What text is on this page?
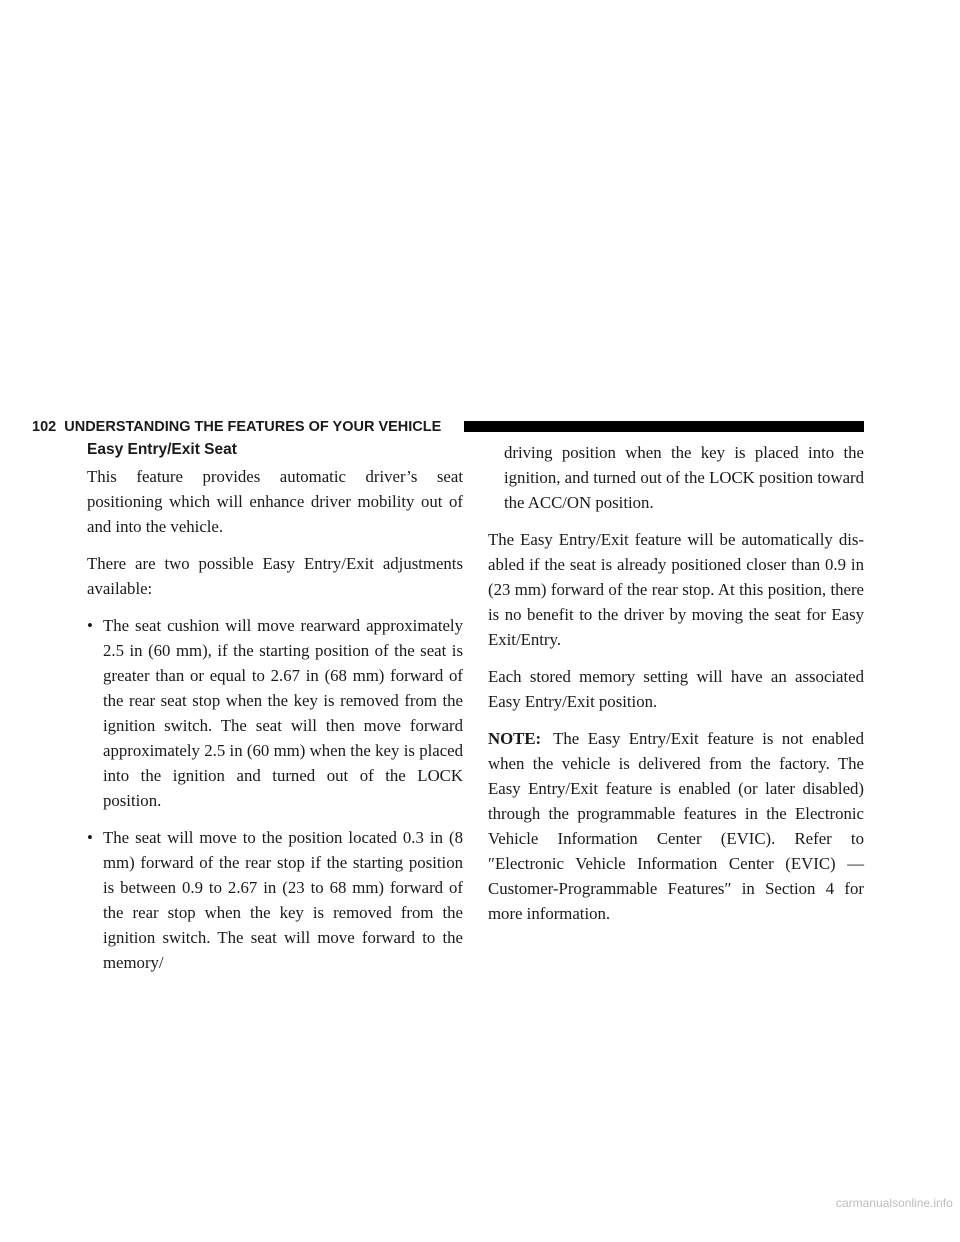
102 UNDERSTANDING THE FEATURES OF YOUR VEHICLE
Easy Entry/Exit Seat

This feature provides automatic driver’s seat positioning which will enhance driver mobility out of and into the vehicle.

There are two possible Easy Entry/Exit adjustments available:

• The seat cushion will move rearward approximately 2.5 in (60 mm), if the starting position of the seat is greater than or equal to 2.67 in (68 mm) forward of the rear seat stop when the key is removed from the ignition switch. The seat will then move forward approximately 2.5 in (60 mm) when the key is placed into the ignition and turned out of the LOCK position.
• The seat will move to the position located 0.3 in (8 mm) forward of the rear stop if the starting position is between 0.9 to 2.67 in (23 to 68 mm) forward of the rear stop when the key is removed from the ignition switch. The seat will move forward to the memory/
driving position when the key is placed into the ignition, and turned out of the LOCK position toward the ACC/ON position.

The Easy Entry/Exit feature will be automatically dis-abled if the seat is already positioned closer than 0.9 in (23 mm) forward of the rear stop. At this position, there is no benefit to the driver by moving the seat for Easy Exit/Entry.

Each stored memory setting will have an associated Easy Entry/Exit position.

NOTE: The Easy Entry/Exit feature is not enabled when the vehicle is delivered from the factory. The Easy Entry/Exit feature is enabled (or later disabled) through the programmable features in the Electronic Vehicle Information Center (EVIC). Refer to ″Electronic Vehicle Information Center (EVIC) — Customer-Programmable Features″ in Section 4 for more information.

carmanualsonline.info
